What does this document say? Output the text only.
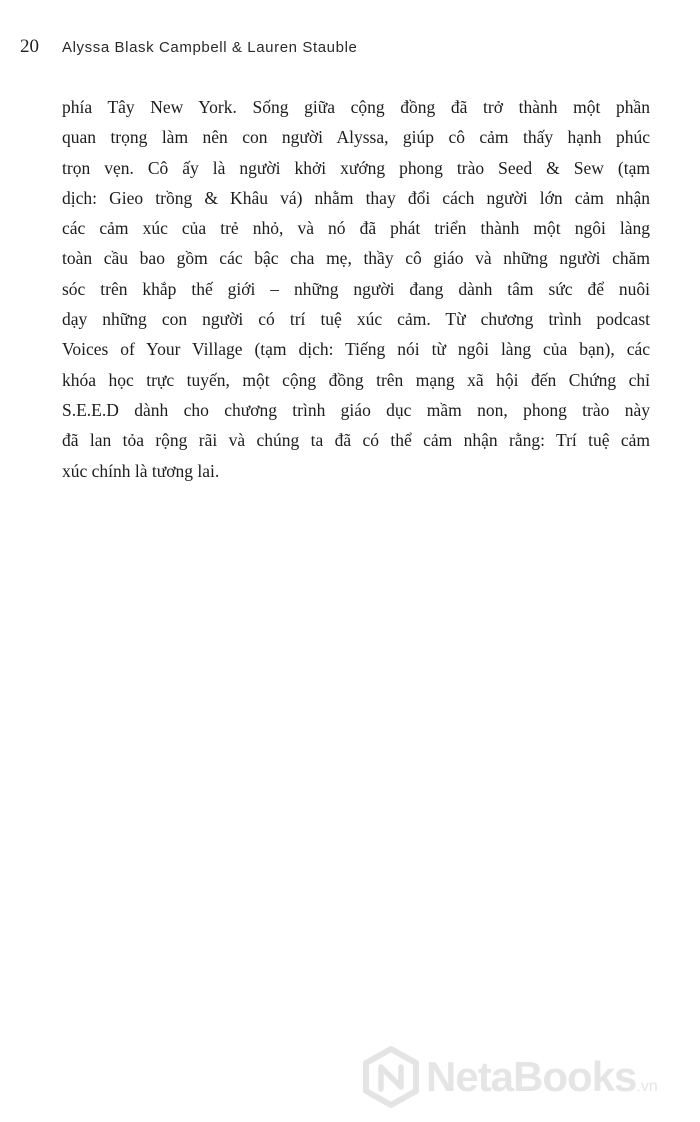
20	Alyssa Blask Campbell & Lauren Stauble
phía Tây New York. Sống giữa cộng đồng đã trở thành một phần
quan trọng làm nên con người Alyssa, giúp cô cảm thấy hạnh phúc
trọn vẹn. Cô ấy là người khởi xướng phong trào Seed & Sew (tạm
dịch: Gieo trồng & Khâu vá) nhằm thay đổi cách người lớn cảm nhận
các cảm xúc của trẻ nhỏ, và nó đã phát triển thành một ngôi làng
toàn cầu bao gồm các bậc cha mẹ, thầy cô giáo và những người chăm
sóc trên khắp thế giới – những người đang dành tâm sức để nuôi
dạy những con người có trí tuệ xúc cảm. Từ chương trình podcast
Voices of Your Village (tạm dịch: Tiếng nói từ ngôi làng của bạn), các
khóa học trực tuyến, một cộng đồng trên mạng xã hội đến Chứng chỉ
S.E.E.D dành cho chương trình giáo dục mầm non, phong trào này
đã lan tỏa rộng rãi và chúng ta đã có thể cảm nhận rằng: Trí tuệ cảm
xúc chính là tương lai.
NetaBooks.vn
